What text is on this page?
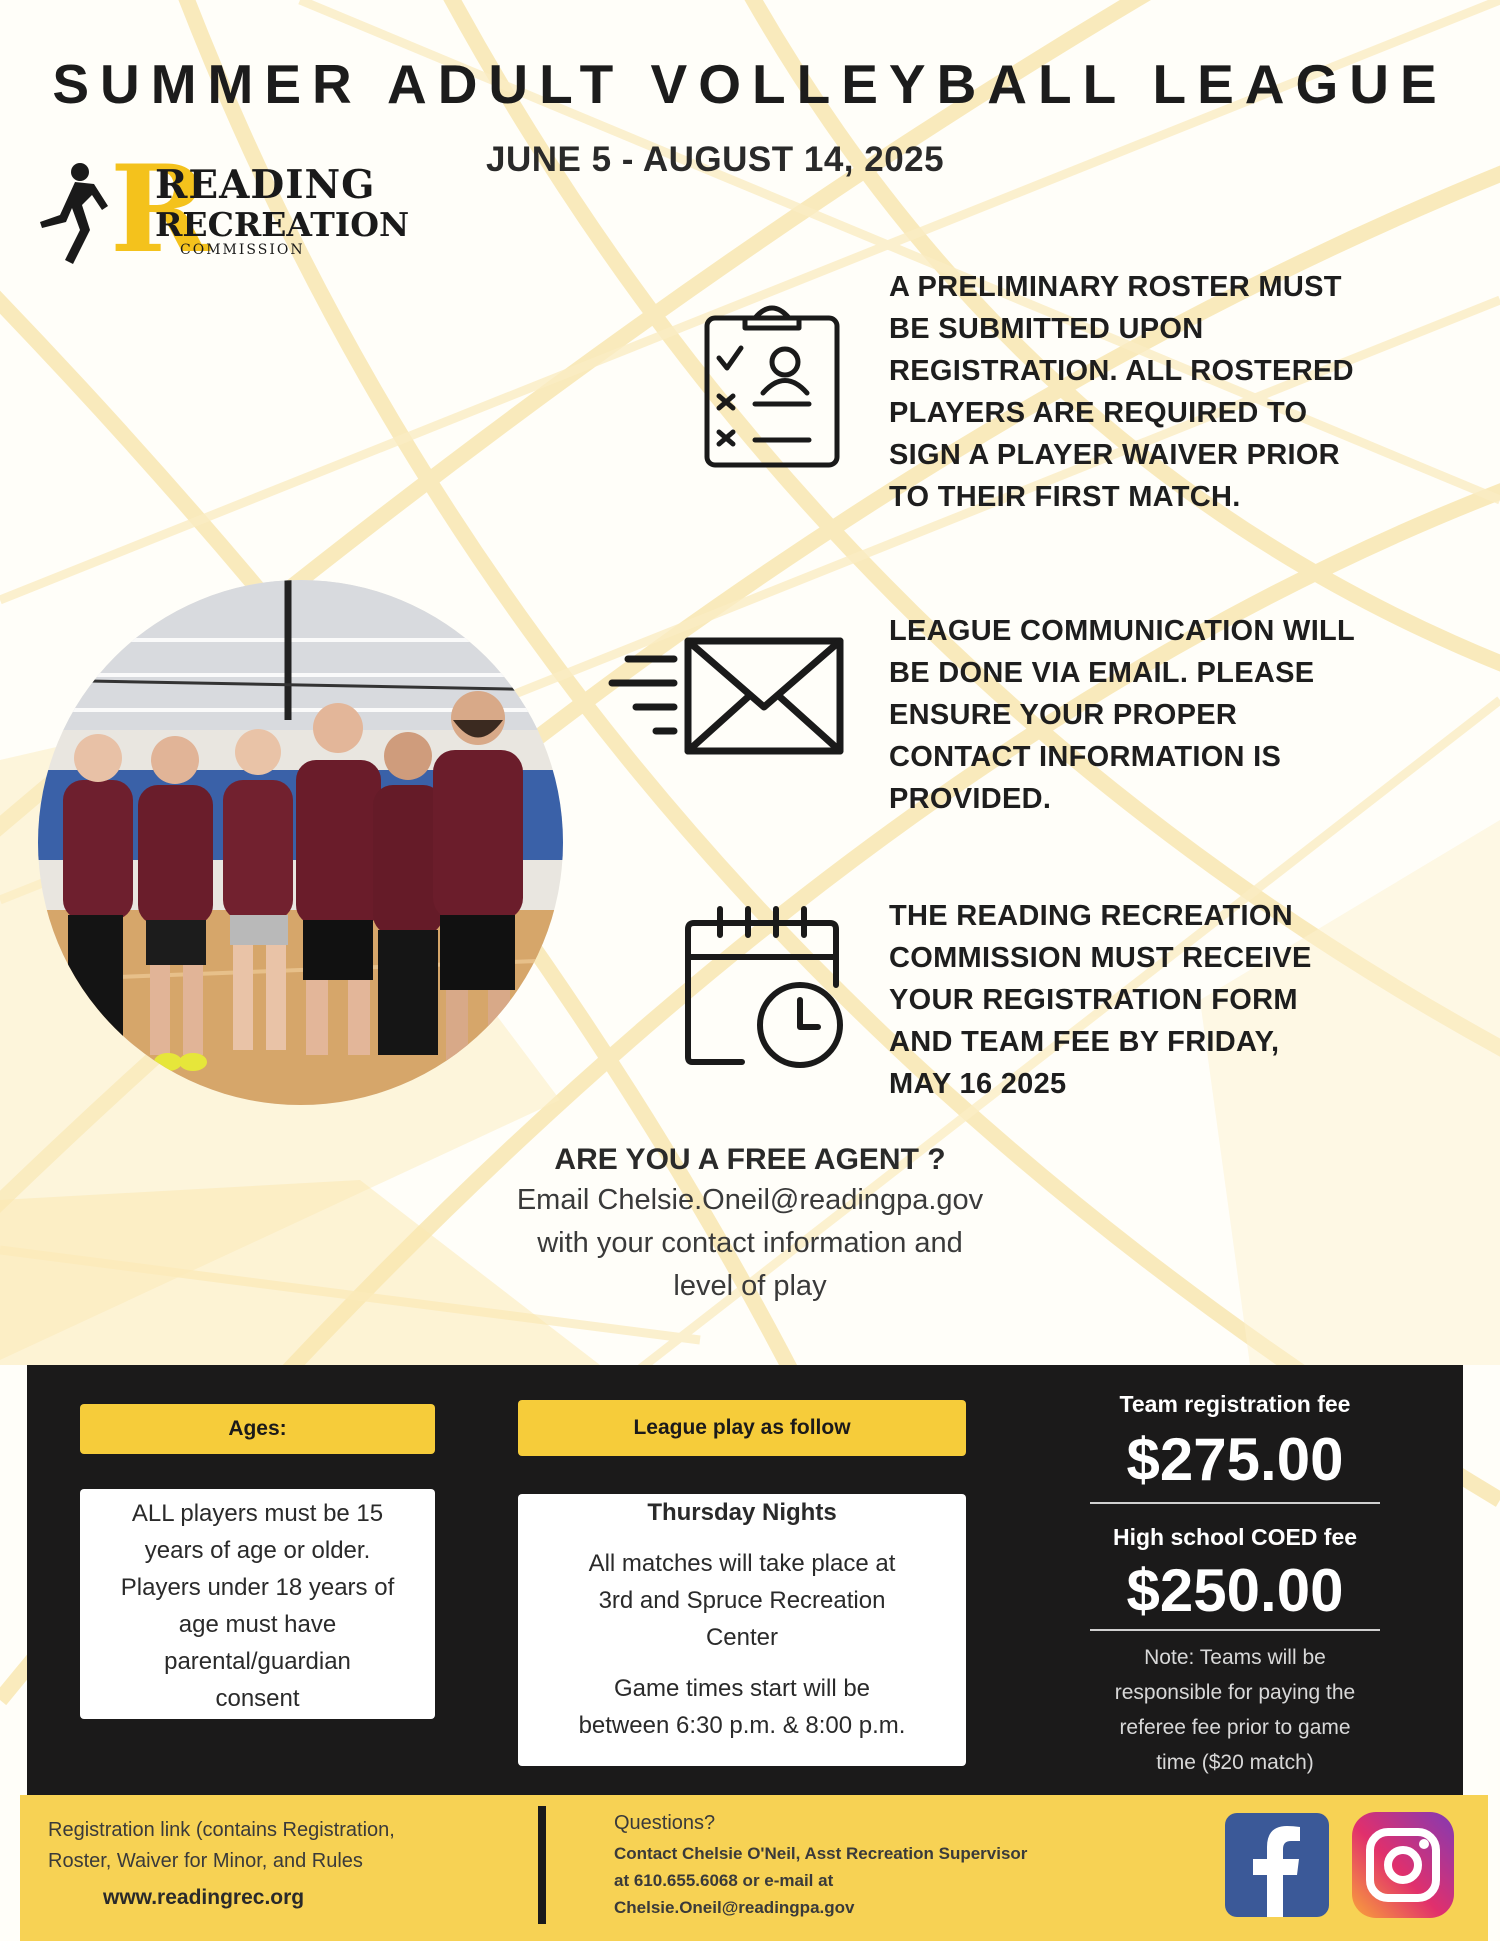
SUMMER ADULT VOLLEYBALL LEAGUE
JUNE 5 - AUGUST 14, 2025
R
READING
RECREATION
COMMISSION
A PRELIMINARY ROSTER MUST
BE SUBMITTED UPON
REGISTRATION. ALL ROSTERED
PLAYERS ARE REQUIRED TO
SIGN A PLAYER WAIVER PRIOR
TO THEIR FIRST MATCH.
LEAGUE COMMUNICATION WILL
BE DONE VIA EMAIL. PLEASE
ENSURE YOUR PROPER
CONTACT INFORMATION IS
PROVIDED.
THE READING RECREATION
COMMISSION MUST RECEIVE
YOUR REGISTRATION FORM
AND TEAM FEE BY FRIDAY,
MAY 16 2025
ARE YOU A FREE AGENT ?
Email Chelsie.Oneil@readingpa.gov
with your contact information and
level of play
Ages:
ALL players must be 15
years of age or older.
Players under 18 years of
age must have
parental/guardian
consent
League play as follow
Thursday Nights
All matches will take place at
3rd and Spruce Recreation
Center
Game times start will be
between 6:30 p.m. & 8:00 p.m.
Team registration fee
$275.00
High school COED fee
$250.00
Note: Teams will be
responsible for paying the
referee fee prior to game
time ($20 match)
Registration link (contains Registration,
Roster, Waiver for Minor, and Rules
www.readingrec.org
Questions?
Contact Chelsie O'Neil, Asst Recreation Supervisor
at 610.655.6068 or e-mail at
Chelsie.Oneil@readingpa.gov
